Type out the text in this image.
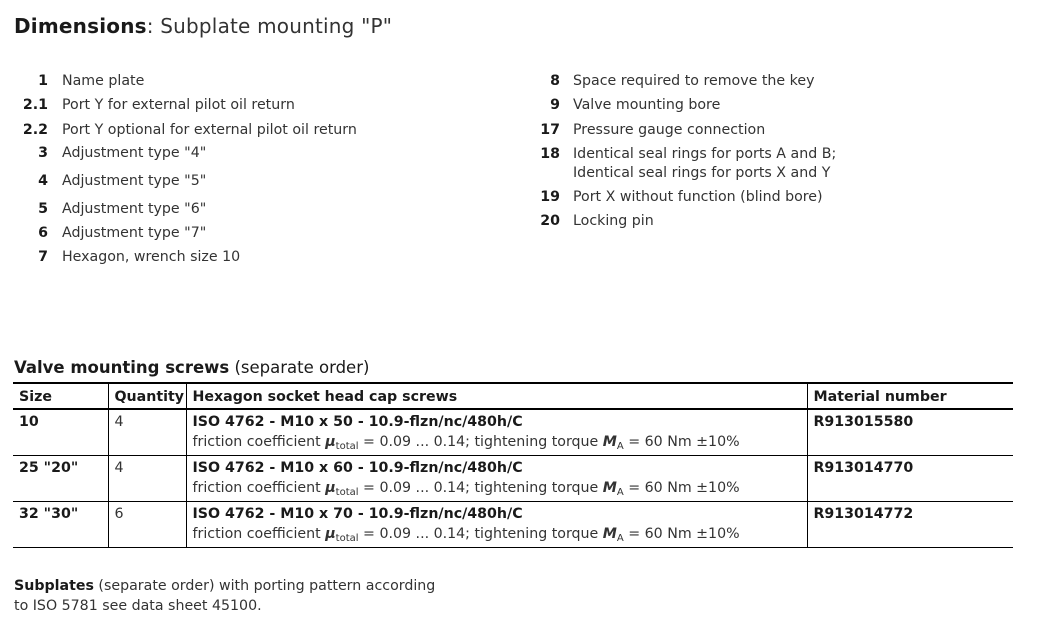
Dimensions: Subplate mounting "P"
1 Name plate
2.1 Port Y for external pilot oil return
2.2 Port Y optional for external pilot oil return
3 Adjustment type "4"
4 Adjustment type "5"
5 Adjustment type "6"
6 Adjustment type "7"
7 Hexagon, wrench size 10
8 Space required to remove the key
9 Valve mounting bore
17 Pressure gauge connection
18 Identical seal rings for ports A and B;
Identical seal rings for ports X and Y
19 Port X without function (blind bore)
20 Locking pin
Valve mounting screws (separate order)
Size	Quantity	Hexagon socket head cap screws	Material number
10	4	ISO 4762 - M10 x 50 - 10.9-flzn/nc/480h/C
friction coefficient $\mu_{total} = 0.09$ ... 0.14; tightening torque $M_A = 60$ Nm ±10%	R913015580
25 "20"	4	ISO 4762 - M10 x 60 - 10.9-flzn/nc/480h/C
friction coefficient $\mu_{total} = 0.09$ ... 0.14; tightening torque $M_A = 60$ Nm ±10%	R913014770
32 "30"	6	ISO 4762 - M10 x 70 - 10.9-flzn/nc/480h/C
friction coefficient $\mu_{total} = 0.09$ ... 0.14; tightening torque $M_A = 60$ Nm ±10%	R913014772
Subplates (separate order) with porting pattern according
to ISO 5781 see data sheet 45100.
